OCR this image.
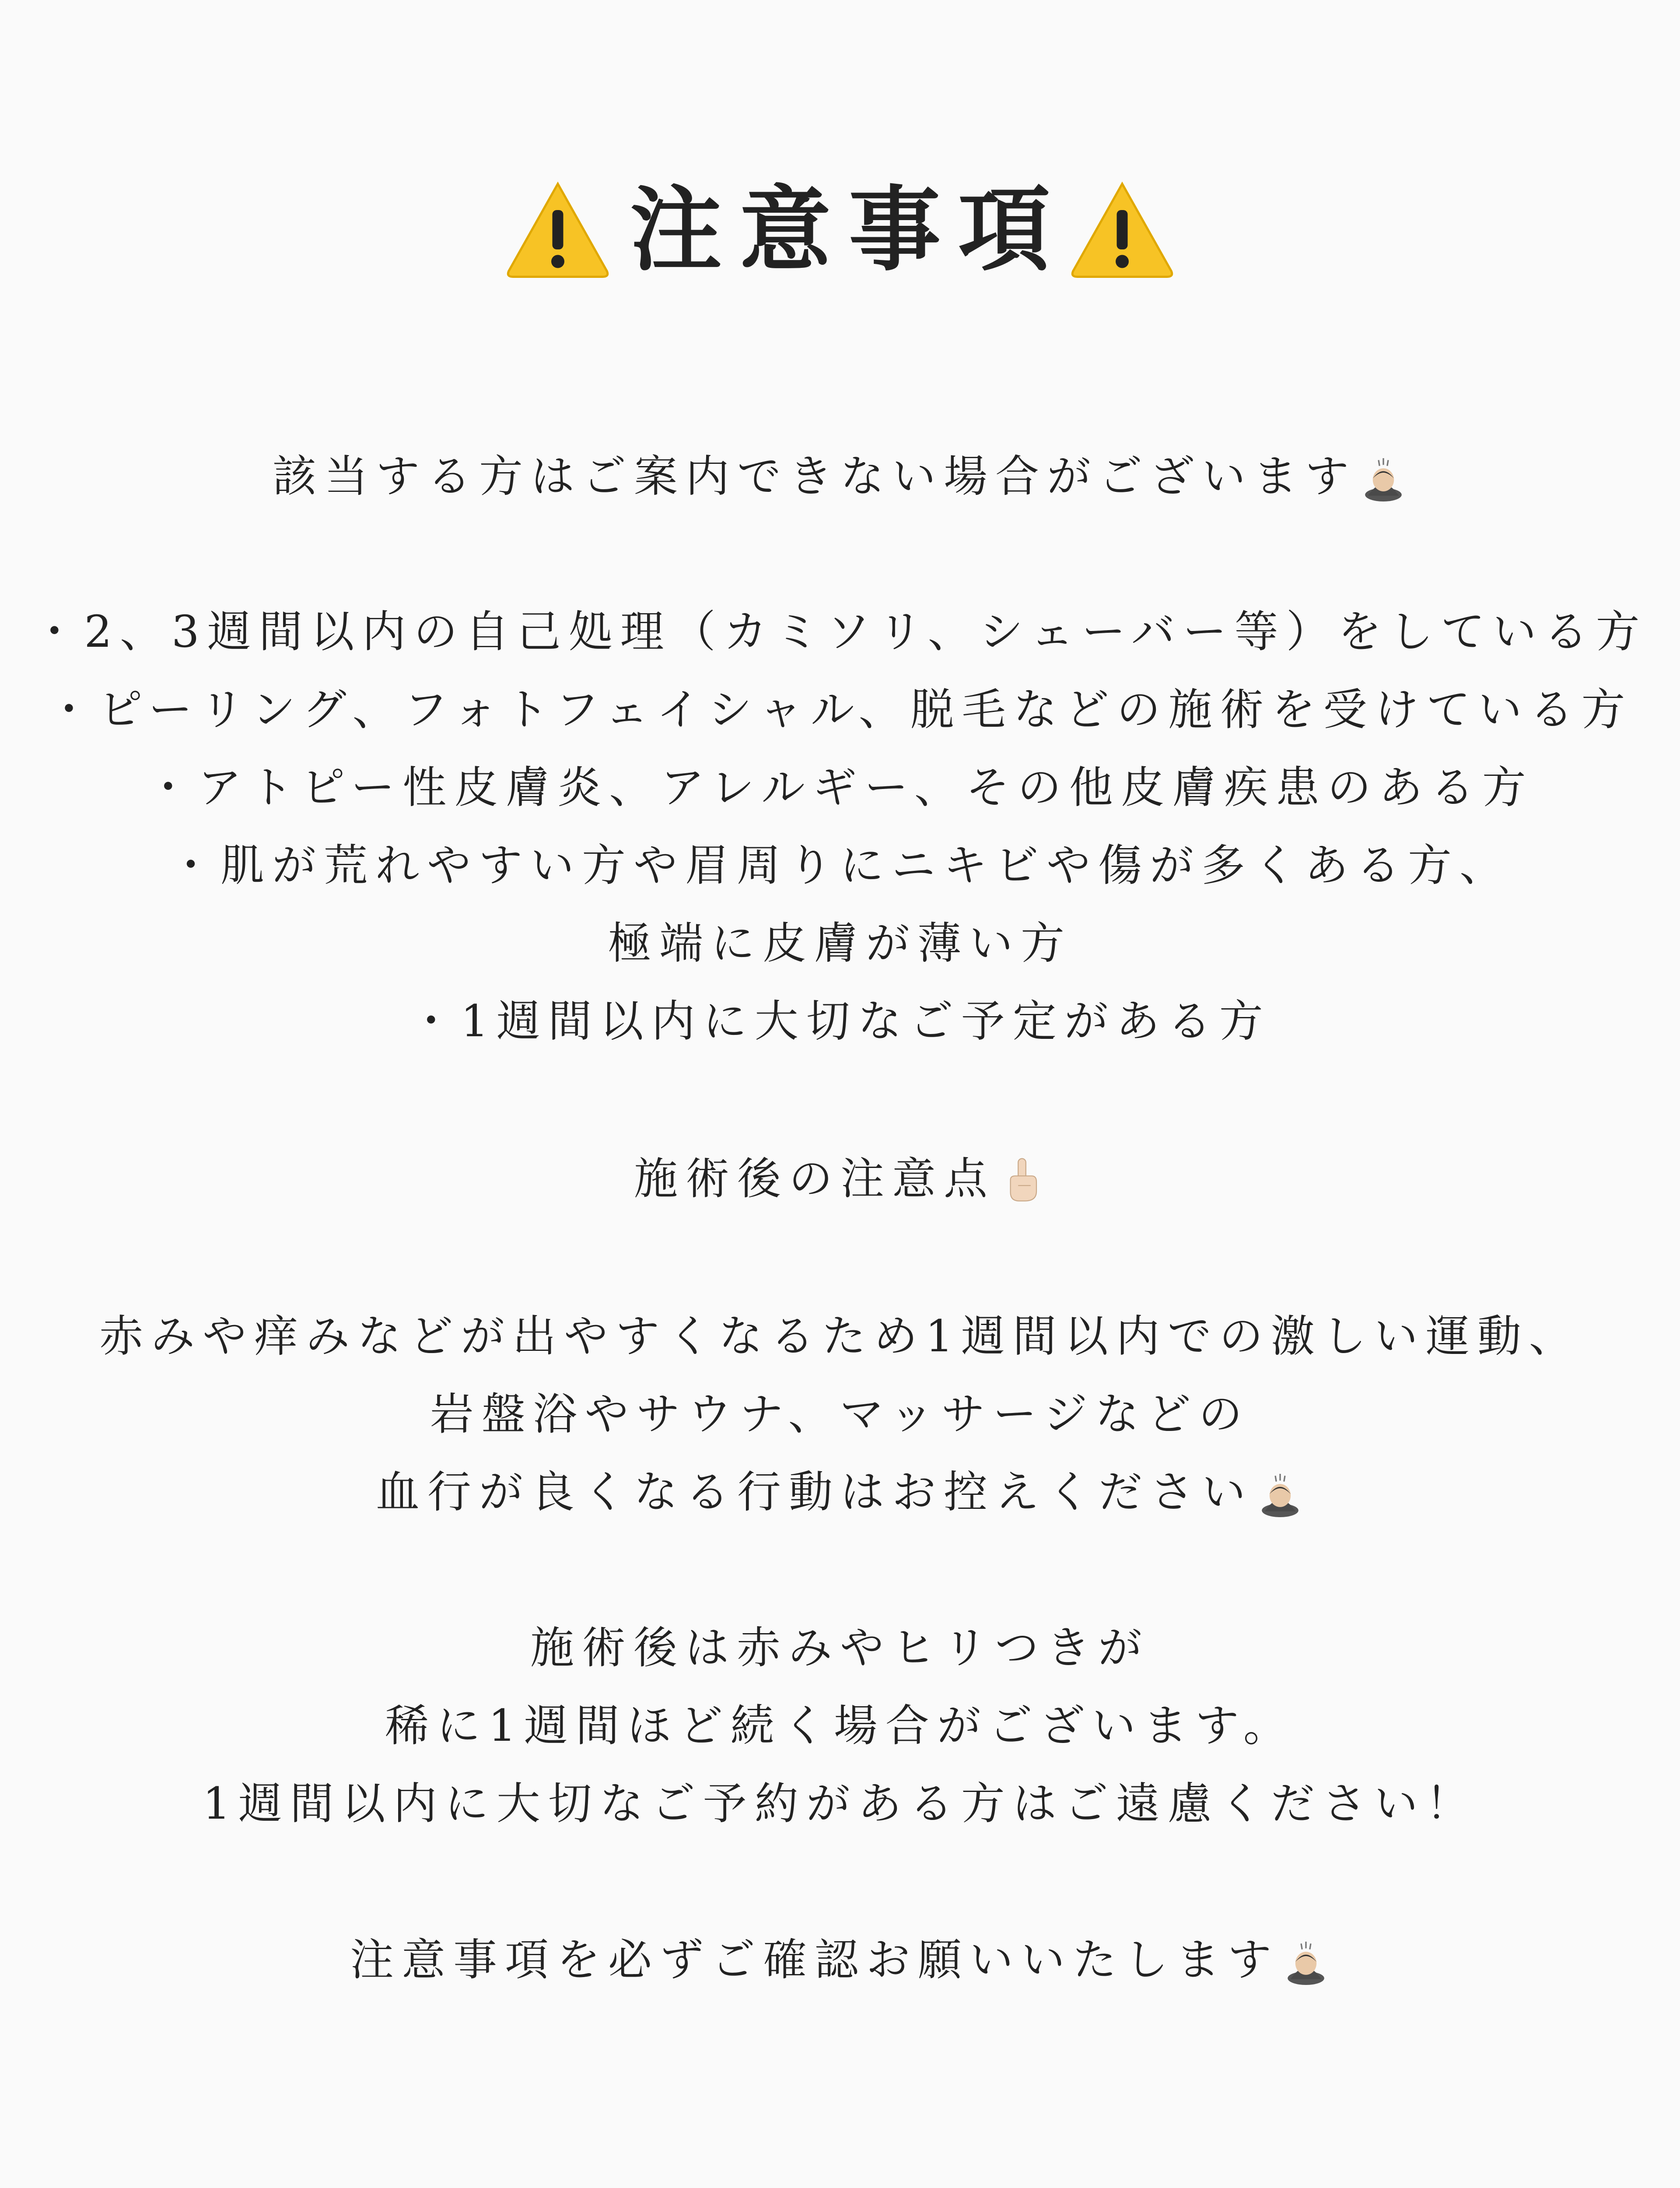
注意事項
該当する方はご案内できない場合がございます
・2、3週間以内の自己処理（カミソリ、シェーバー等）をしている方
・ピーリング、フォトフェイシャル、脱毛などの施術を受けている方
・アトピー性皮膚炎、アレルギー、その他皮膚疾患のある方
・肌が荒れやすい方や眉周りにニキビや傷が多くある方、
極端に皮膚が薄い方
・1週間以内に大切なご予定がある方
施術後の注意点
赤みや痒みなどが出やすくなるため1週間以内での激しい運動、
岩盤浴やサウナ、マッサージなどの
血行が良くなる行動はお控えください
施術後は赤みやヒリつきが
稀に1週間ほど続く場合がございます。
1週間以内に大切なご予約がある方はご遠慮ください！
注意事項を必ずご確認お願いいたします
